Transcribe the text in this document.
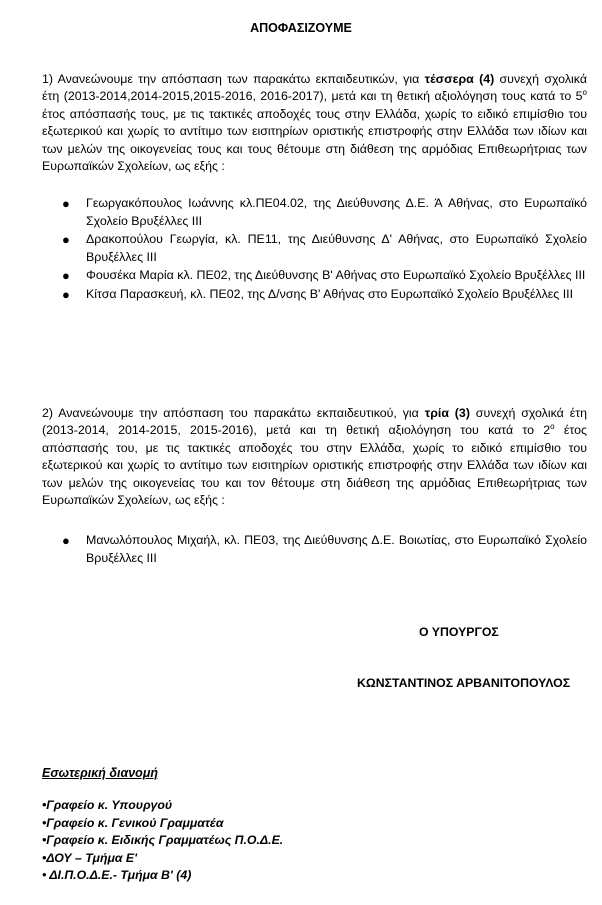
ΑΠΟΦΑΣΙΖΟΥΜΕ
1) Ανανεώνουμε την απόσπαση των παρακάτω εκπαιδευτικών, για τέσσερα (4) συνεχή σχολικά έτη (2013-2014,2014-2015,2015-2016, 2016-2017), μετά και τη θετική αξιολόγηση τους κατά το $5^o$ έτος απόσπασής τους, με τις τακτικές αποδοχές τους στην Ελλάδα, χωρίς το ειδικό επιμίσθιο του εξωτερικού και χωρίς το αντίτιμο των εισιτηρίων οριστικής επιστροφής στην Ελλάδα των ιδίων και των μελών της οικογενείας τους και τους θέτουμε στη διάθεση της αρμόδιας Επιθεωρήτριας των Ευρωπαϊκών Σχολείων, ως εξής :
● Γεωργακόπουλος Ιωάννης κλ.ΠΕ04.02, της Διεύθυνσης Δ.Ε. Ά Αθήνας, στο Ευρωπαϊκό Σχολείο Βρυξέλλες ΙΙΙ
● Δρακοπούλου Γεωργία, κλ. ΠΕ11, της Διεύθυνσης Δ' Αθήνας, στο Ευρωπαϊκό Σχολείο Βρυξέλλες ΙΙΙ
● Φουσέκα Μαρία κλ. ΠΕ02, της Διεύθυνσης Β' Αθήνας στο Ευρωπαϊκό Σχολείο Βρυξέλλες ΙΙΙ
● Κίτσα Παρασκευή, κλ. ΠΕ02, της Δ/νσης Β' Αθήνας στο Ευρωπαϊκό Σχολείο Βρυξέλλες ΙΙΙ
2) Ανανεώνουμε την απόσπαση του παρακάτω εκπαιδευτικού, για τρία (3) συνεχή σχολικά έτη (2013-2014, 2014-2015, 2015-2016), μετά και τη θετική αξιολόγηση του κατά το $2^o$ έτος απόσπασής του, με τις τακτικές αποδοχές του στην Ελλάδα, χωρίς το ειδικό επιμίσθιο του εξωτερικού και χωρίς το αντίτιμο των εισιτηρίων οριστικής επιστροφής στην Ελλάδα των ιδίων και των μελών της οικογενείας του και τον θέτουμε στη διάθεση της αρμόδιας Επιθεωρήτριας των Ευρωπαϊκών Σχολείων, ως εξής :
● Μανωλόπουλος Μιχαήλ, κλ. ΠΕ03, της Διεύθυνσης Δ.Ε. Βοιωτίας, στο Ευρωπαϊκό Σχολείο Βρυξέλλες ΙΙΙ
Ο ΥΠΟΥΡΓΟΣ
ΚΩΝΣΤΑΝΤΙΝΟΣ ΑΡΒΑΝΙΤΟΠΟΥΛΟΣ
Εσωτερική διανομή
•Γραφείο κ. Υπουργού
•Γραφείο κ. Γενικού Γραμματέα
•Γραφείο κ. Ειδικής Γραμματέως Π.Ο.Δ.Ε.
•ΔΟΥ – Τμήμα Ε'
• ΔΙ.Π.Ο.Δ.Ε.- Τμήμα Β' (4)
